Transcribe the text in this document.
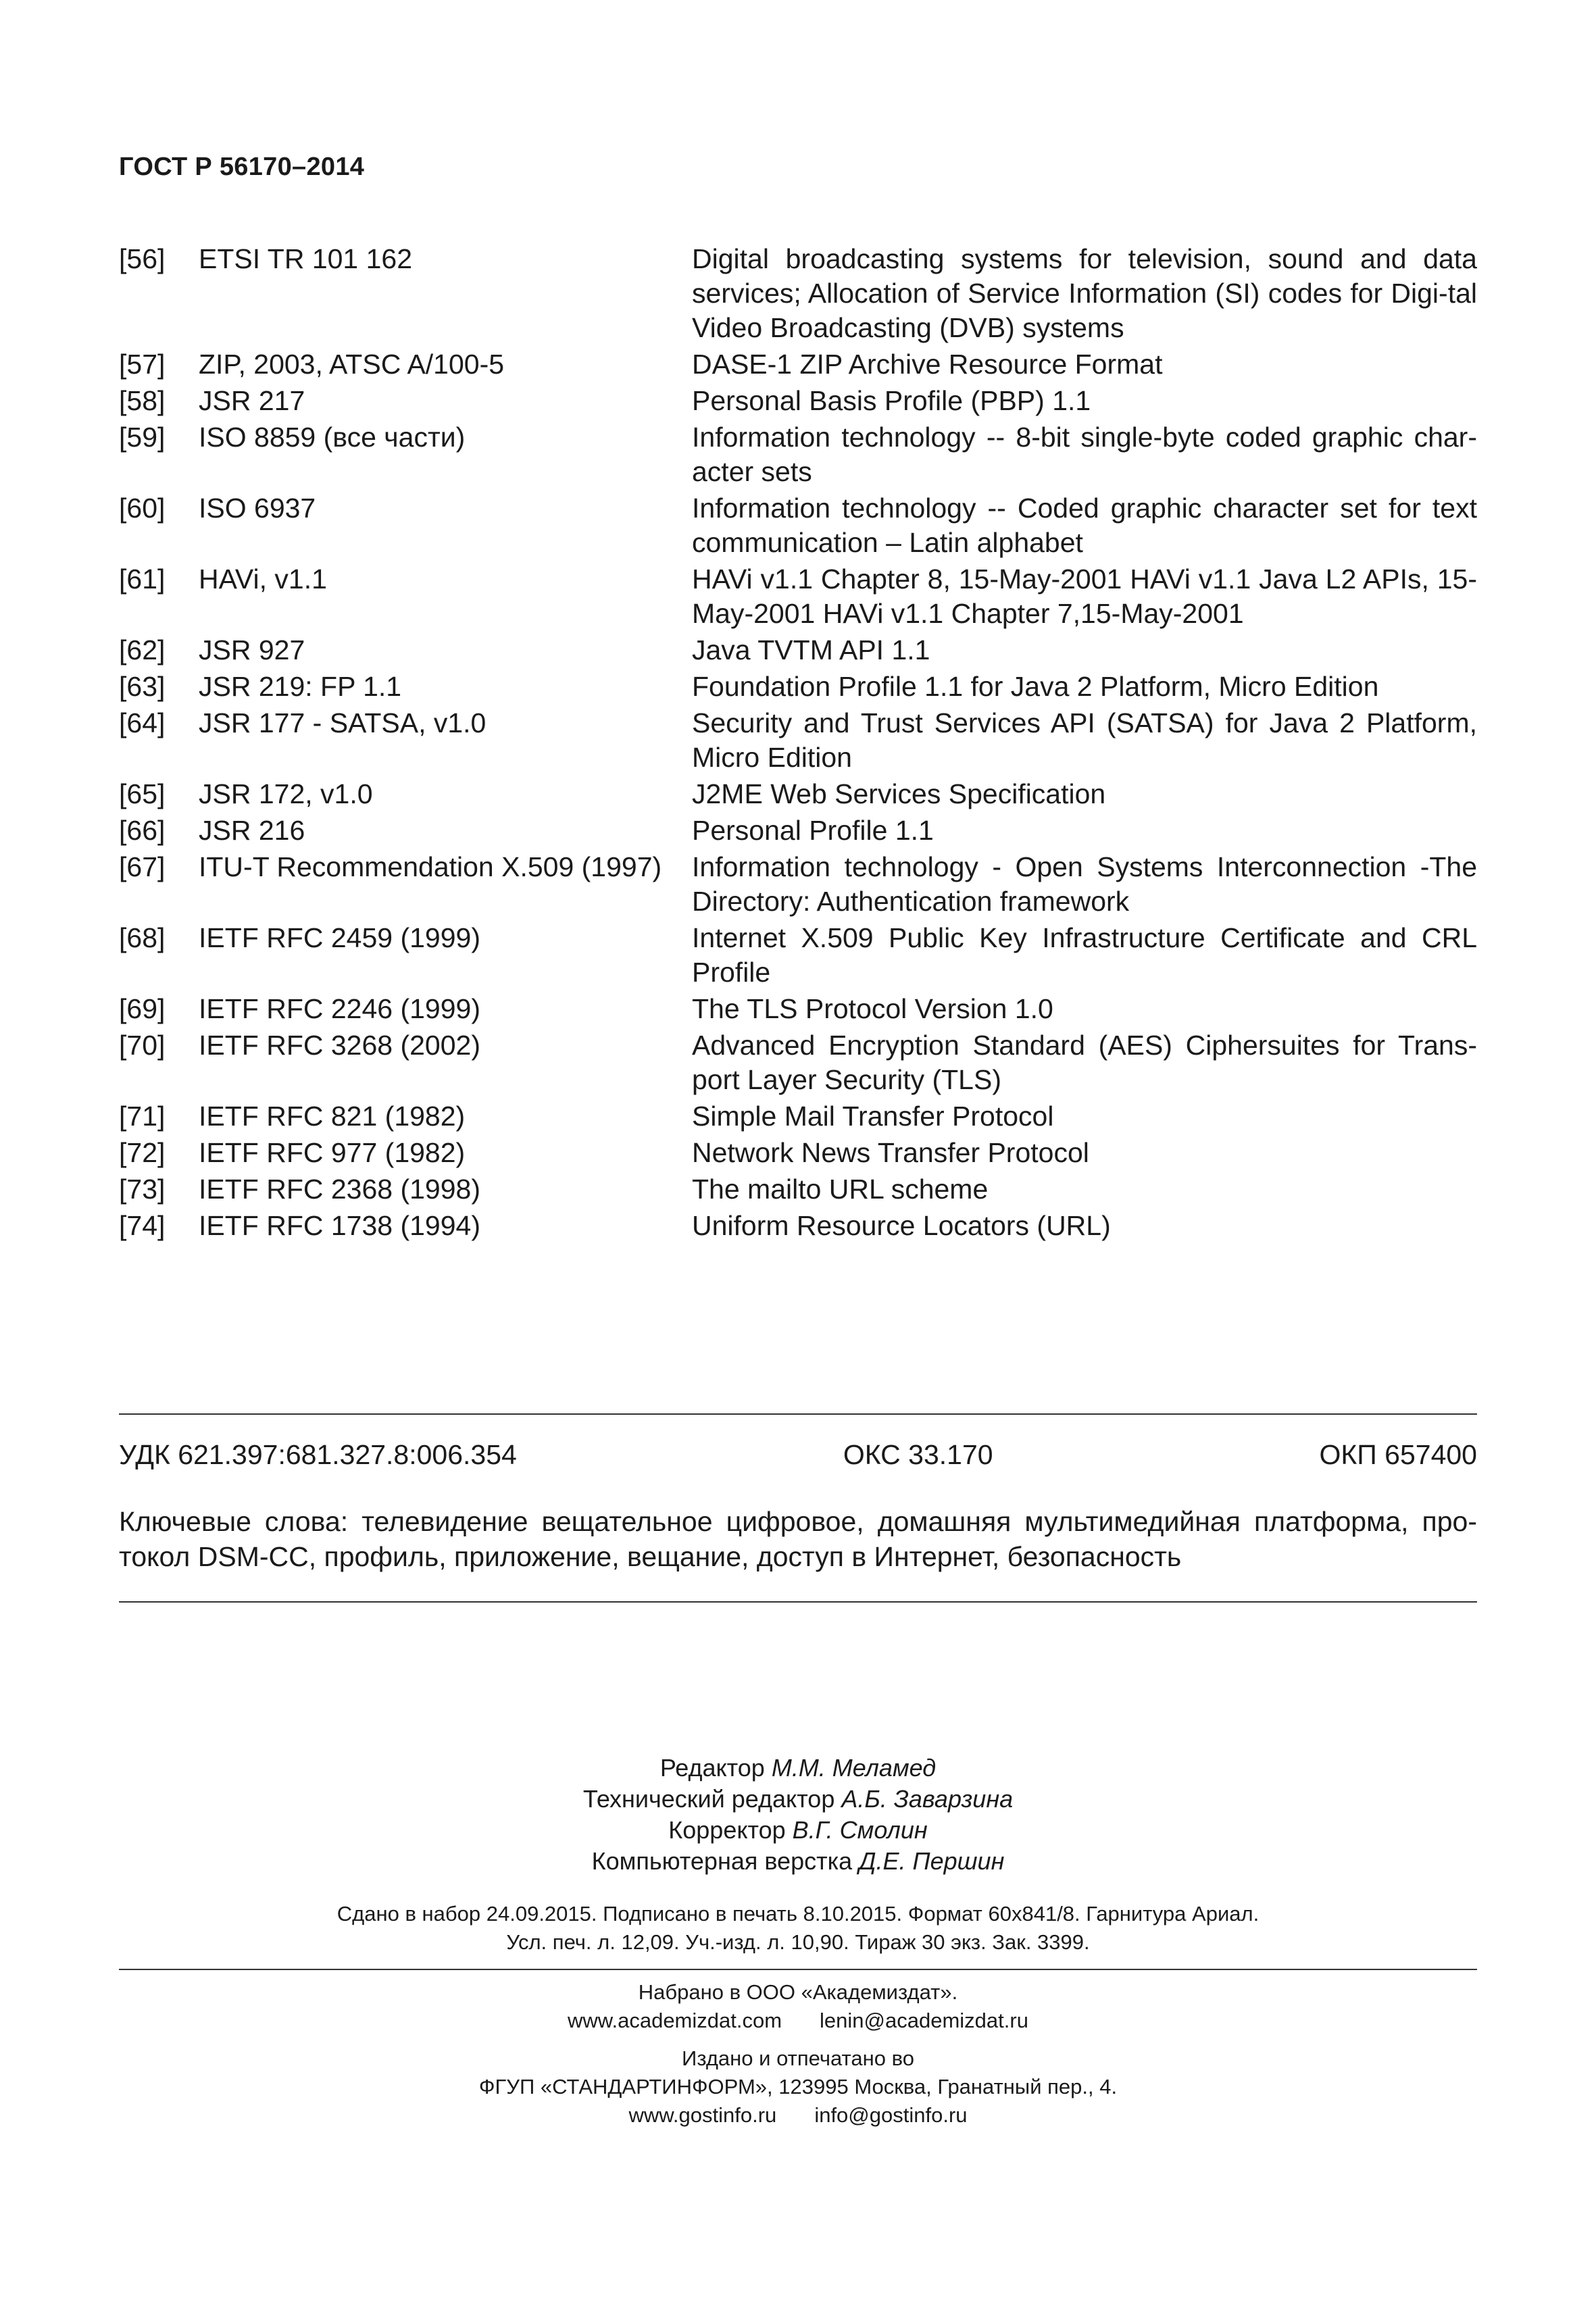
ГОСТ Р 56170–2014
[56]	ETSI TR 101 162	Digital broadcasting systems for television, sound and data services; Allocation of Service Information (SI) codes for Digi-tal Video Broadcasting (DVB) systems
[57]	ZIP, 2003, ATSC A/100-5	DASE-1 ZIP Archive Resource Format
[58]	JSR 217	Personal Basis Profile (PBP) 1.1
[59]	ISO 8859 (все части)	Information technology -- 8-bit single-byte coded graphic char-acter sets
[60]	ISO 6937	Information technology -- Coded graphic character set for text communication – Latin alphabet
[61]	HAVi, v1.1	HAVi v1.1 Chapter 8, 15-May-2001 HAVi v1.1 Java L2 APIs, 15-May-2001 HAVi v1.1 Chapter 7,15-May-2001
[62]	JSR 927	Java TVTM API 1.1
[63]	JSR 219: FP 1.1	Foundation Profile 1.1 for Java 2 Platform, Micro Edition
[64]	JSR 177 - SATSA, v1.0	Security and Trust Services API (SATSA) for Java 2 Platform, Micro Edition
[65]	JSR 172, v1.0	J2ME Web Services Specification
[66]	JSR 216	Personal Profile 1.1
[67]	ITU-T Recommendation X.509 (1997)	Information technology - Open Systems Interconnection -The Directory: Authentication framework
[68]	IETF RFC 2459 (1999)	Internet X.509 Public Key Infrastructure Certificate and CRL Profile
[69]	IETF RFC 2246 (1999)	The TLS Protocol Version 1.0
[70]	IETF RFC 3268 (2002)	Advanced Encryption Standard (AES) Ciphersuites for Trans-port Layer Security (TLS)
[71]	IETF RFC 821 (1982)	Simple Mail Transfer Protocol
[72]	IETF RFC 977 (1982)	Network News Transfer Protocol
[73]	IETF RFC 2368 (1998)	The mailto URL scheme
[74]	IETF RFC 1738 (1994)	Uniform Resource Locators (URL)
УДК 621.397:681.327.8:006.354	ОКС 33.170	ОКП 657400
Ключевые слова: телевидение вещательное цифровое, домашняя мультимедийная платформа, про-токол DSM-CC, профиль, приложение, вещание, доступ в Интернет, безопасность
Редактор М.М. Меламед
Технический редактор А.Б. Заварзина
Корректор В.Г. Смолин
Компьютерная верстка Д.Е. Першин
Сдано в набор 24.09.2015. Подписано в печать 8.10.2015. Формат 60x841/8. Гарнитура Ариал.
Усл. печ. л. 12,09. Уч.-изд. л. 10,90. Тираж 30 экз. Зак. 3399.
Набрано в ООО «Академиздат».
www.academizdat.com lenin@academizdat.ru
Издано и отпечатано во
ФГУП «СТАНДАРТИНФОРМ», 123995 Москва, Гранатный пер., 4.
www.gostinfo.ru info@gostinfo.ru
